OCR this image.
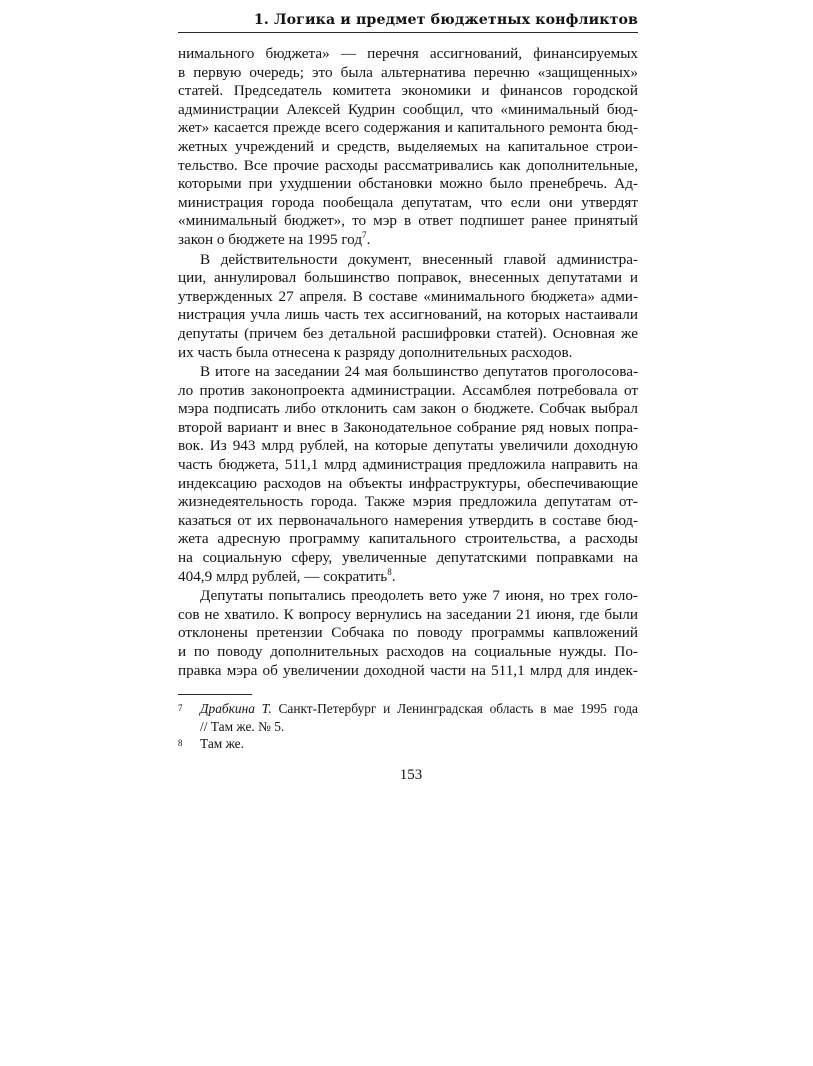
1. Логика и предмет бюджетных конфликтов

нимального бюджета» — перечня ассигнований, финансируемых
в первую очередь; это была альтернатива перечню «защищенных»
статей. Председатель комитета экономики и финансов городской
администрации Алексей Кудрин сообщил, что «минимальный бюд-
жет» касается прежде всего содержания и капитального ремонта бюд-
жетных учреждений и средств, выделяемых на капитальное строи-
тельство. Все прочие расходы рассматривались как дополнительные,
которыми при ухудшении обстановки можно было пренебречь. Ад-
министрация города пообещала депутатам, что если они утвердят
«минимальный бюджет», то мэр в ответ подпишет ранее принятый
закон о бюджете на 1995 год$^7$.

В действительности документ, внесенный главой администра-
ции, аннулировал большинство поправок, внесенных депутатами и
утвержденных 27 апреля. В составе «минимального бюджета» адми-
нистрация учла лишь часть тех ассигнований, на которых настаивали
депутаты (причем без детальной расшифровки статей). Основная же
их часть была отнесена к разряду дополнительных расходов.

В итоге на заседании 24 мая большинство депутатов проголосова-
ло против законопроекта администрации. Ассамблея потребовала от
мэра подписать либо отклонить сам закон о бюджете. Собчак выбрал
второй вариант и внес в Законодательное собрание ряд новых попра-
вок. Из 943 млрд рублей, на которые депутаты увеличили доходную
часть бюджета, 511,1 млрд администрация предложила направить на
индексацию расходов на объекты инфраструктуры, обеспечивающие
жизнедеятельность города. Также мэрия предложила депутатам от-
казаться от их первоначального намерения утвердить в составе бюд-
жета адресную программу капитального строительства, а расходы
на социальную сферу, увеличенные депутатскими поправками на
404,9 млрд рублей, — сократить$^8$.

Депутаты попытались преодолеть вето уже 7 июня, но трех голо-
сов не хватило. К вопросу вернулись на заседании 21 июня, где были
отклонены претензии Собчака по поводу программы капвложений
и по поводу дополнительных расходов на социальные нужды. По-
правка мэра об увеличении доходной части на 511,1 млрд для индек-

7	Драбкина Т. Санкт-Петербург и Ленинградская область в мае 1995 года
// Там же. № 5.
8	Там же.
153
